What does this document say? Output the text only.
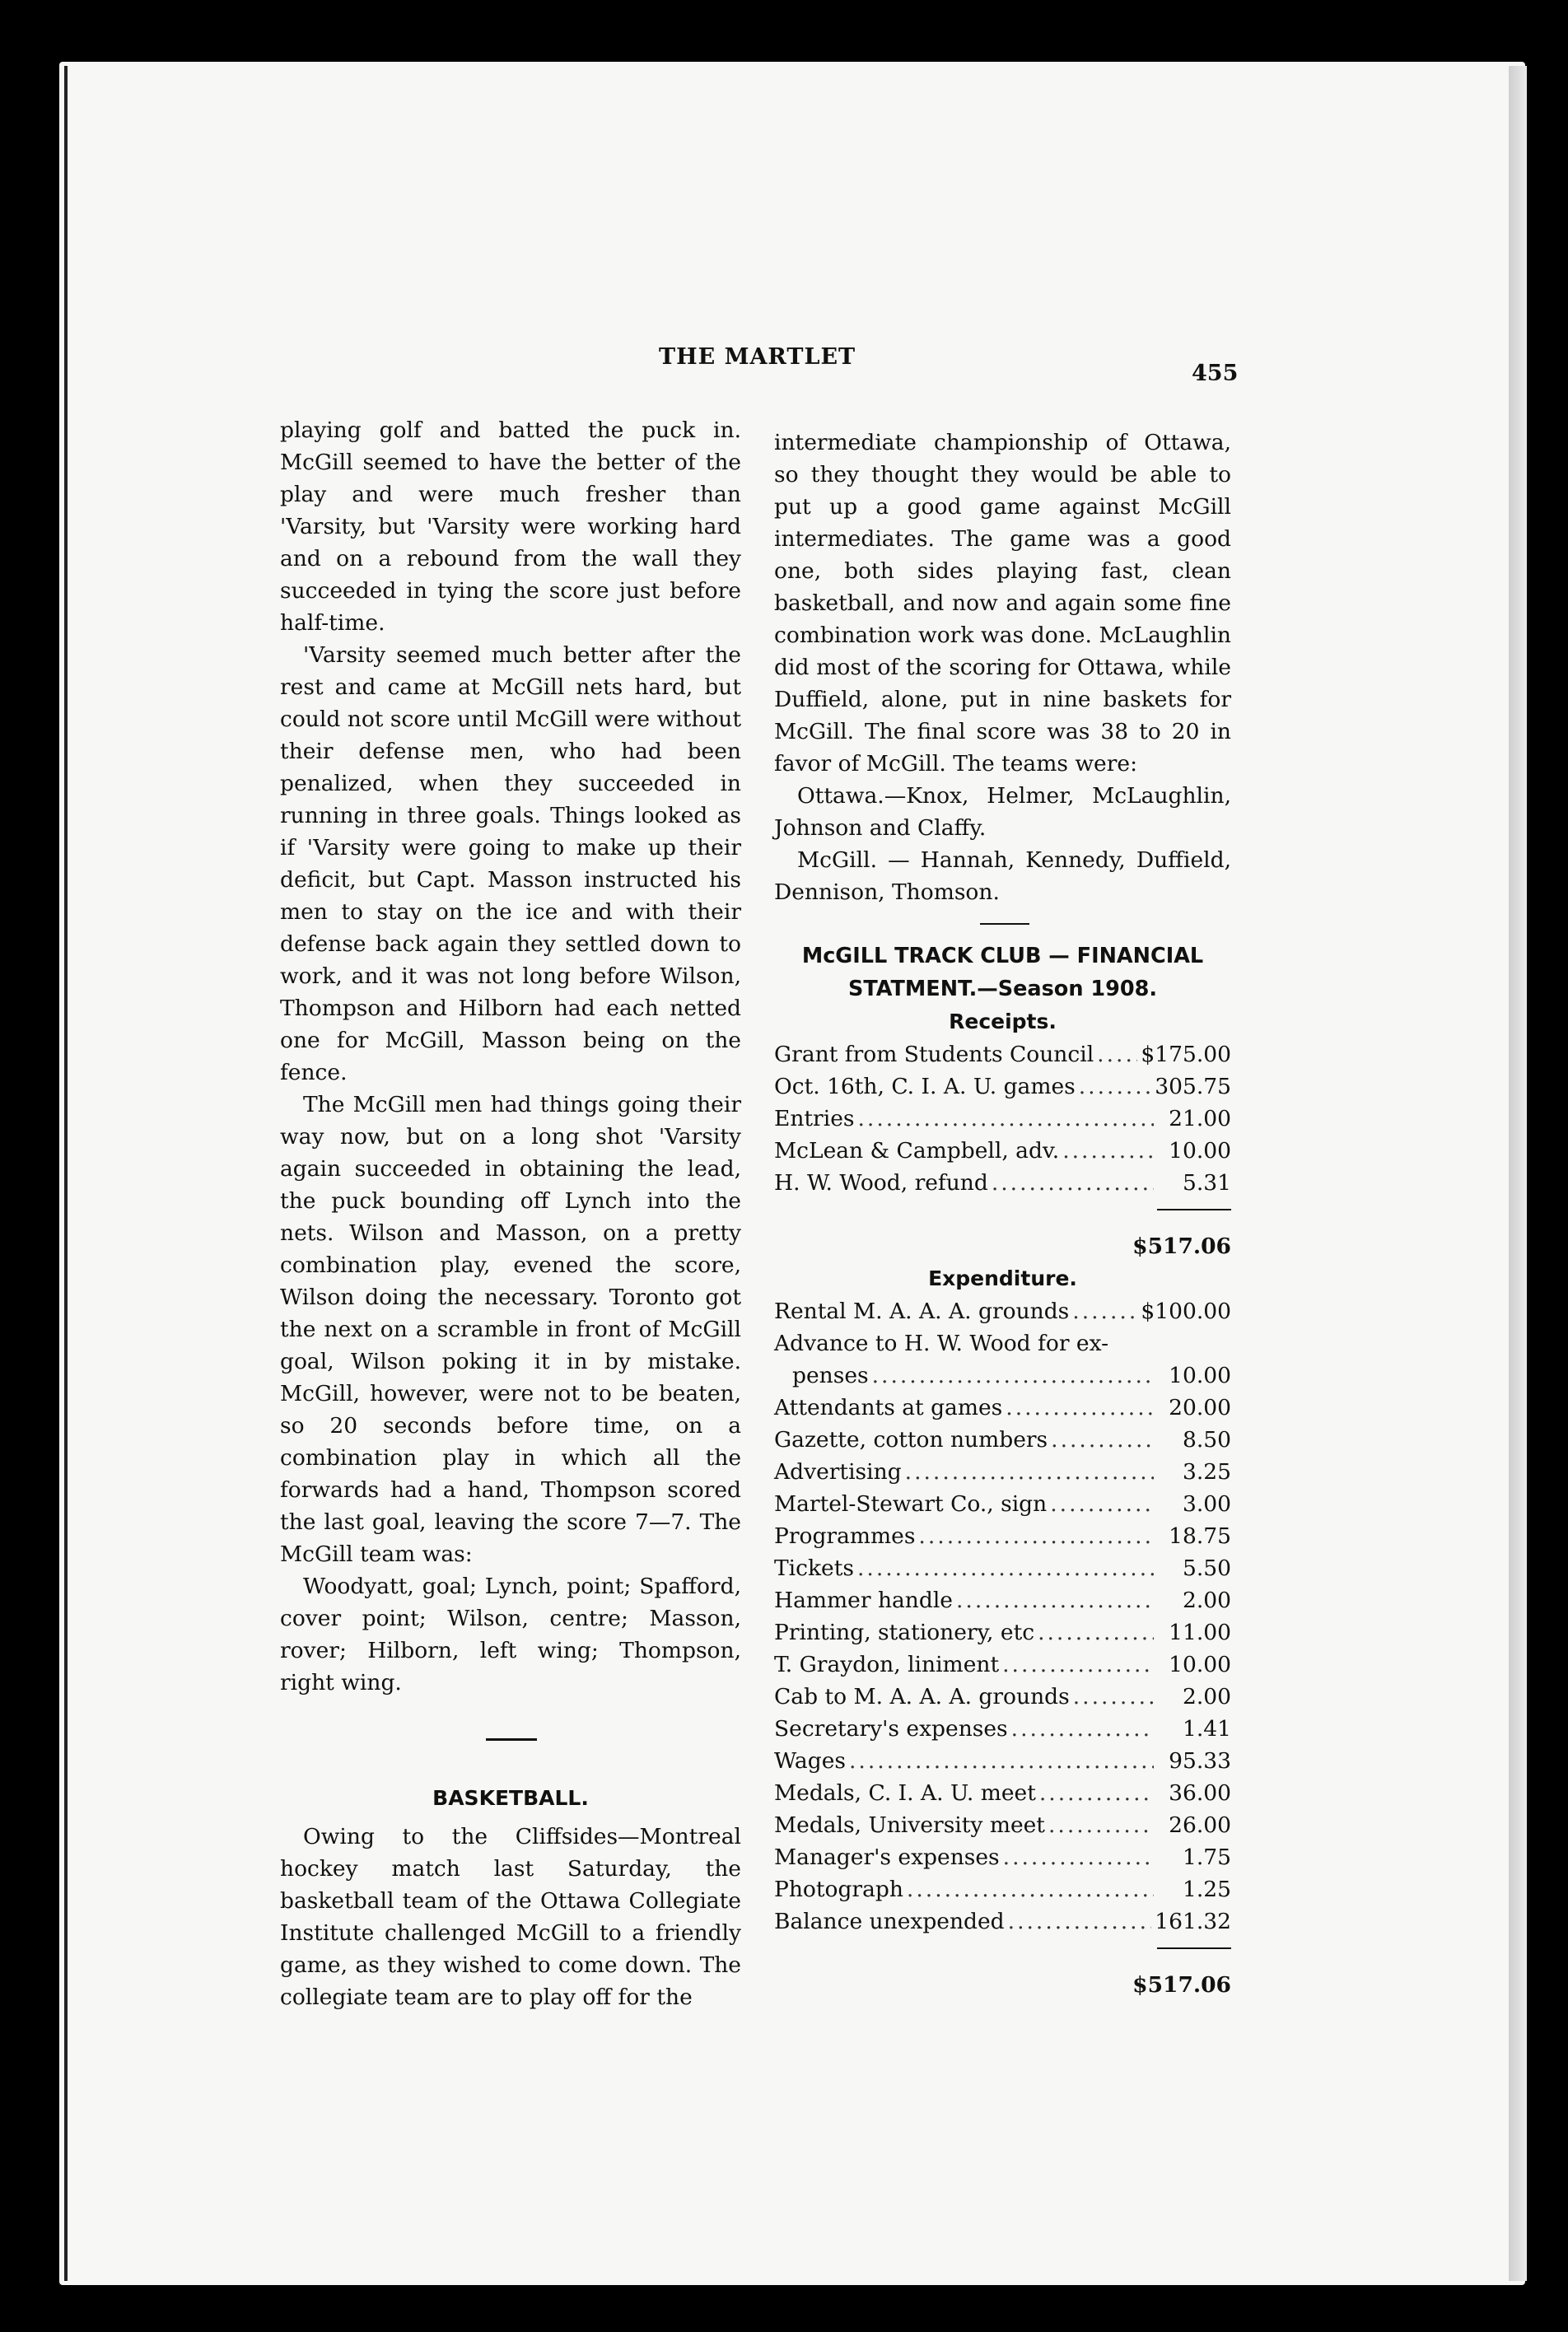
THE MARTLET
455

playing golf and batted the puck in. McGill seemed to have the better of the play and were much fresher than 'Varsity, but 'Varsity were working hard and on a rebound from the wall they succeeded in tying the score just before half-time.

'Varsity seemed much better after the rest and came at McGill nets hard, but could not score until McGill were without their defense men, who had been penalized, when they succeeded in running in three goals. Things looked as if 'Varsity were going to make up their deficit, but Capt. Masson instructed his men to stay on the ice and with their defense back again they settled down to work, and it was not long before Wilson, Thompson and Hilborn had each netted one for McGill, Masson being on the fence.

The McGill men had things going their way now, but on a long shot 'Varsity again succeeded in obtaining the lead, the puck bounding off Lynch into the nets. Wilson and Masson, on a pretty combination play, evened the score, Wilson doing the necessary. Toronto got the next on a scramble in front of McGill goal, Wilson poking it in by mistake. McGill, however, were not to be beaten, so 20 seconds before time, on a combination play in which all the forwards had a hand, Thompson scored the last goal, leaving the score 7—7. The McGill team was:

Woodyatt, goal; Lynch, point; Spafford, cover point; Wilson, centre; Masson, rover; Hilborn, left wing; Thompson, right wing.

BASKETBALL.

Owing to the Cliffsides—Montreal hockey match last Saturday, the basketball team of the Ottawa Collegiate Institute challenged McGill to a friendly game, as they wished to come down. The collegiate team are to play off for the

intermediate championship of Ottawa, so they thought they would be able to put up a good game against McGill intermediates. The game was a good one, both sides playing fast, clean basketball, and now and again some fine combination work was done. McLaughlin did most of the scoring for Ottawa, while Duffield, alone, put in nine baskets for McGill. The final score was 38 to 20 in favor of McGill. The teams were:

Ottawa.—Knox, Helmer, McLaughlin, Johnson and Claffy.

McGill. — Hannah, Kennedy, Duffield, Dennison, Thomson.

McGILL TRACK CLUB — FINANCIAL
STATMENT.—Season 1908.
Receipts.
Grant from Students Council ..... $175.00
Oct. 16th, C. I. A. U. games .....	305.75
Entries .....	21.00
McLean & Campbell, adv. .....	10.00
H. W. Wood, refund .....	5.31
$517.06
Expenditure.
Rental M. A. A. A. grounds .....	$100.00
Advance to H. W. Wood for ex-
penses .....	10.00
Attendants at games .....	20.00
Gazette, cotton numbers .....	8.50
Advertising .....	3.25
Martel-Stewart Co., sign .....	3.00
Programmes .....	18.75
Tickets .....	5.50
Hammer handle .....	2.00
Printing, stationery, etc .....	11.00
T. Graydon, liniment .....	10.00
Cab to M. A. A. A. grounds .....	2.00
Secretary's expenses .....	1.41
Wages .....	95.33
Medals, C. I. A. U. meet .....	36.00
Medals, University meet .....	26.00
Manager's expenses .....	1.75
Photograph .....	1.25
Balance unexpended .....	161.32
$517.06
